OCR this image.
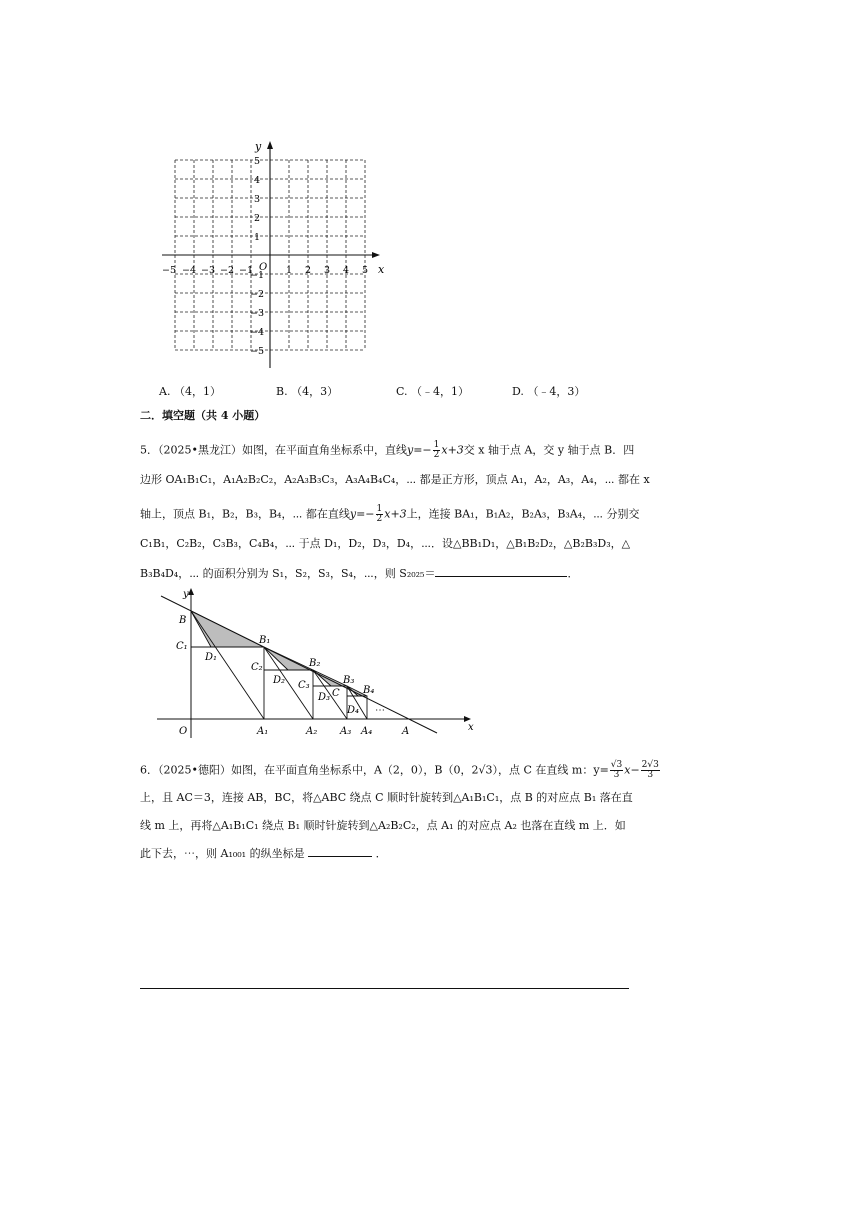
y
x
O
−5 −4 −3 −2 −1	1 2 3 4 5
5
4
3
2
1
−1
−2
−3
−4
−5
A. （4，1）	B. （4，3）	C. （﹣4，1）	D. （﹣4，3）
二．填空题（共 4 小题）
5．（2025•黑龙江）如图，在平面直角坐标系中，直线$y=- \frac{1}{2} x+3$交 x 轴于点 A，交 y 轴于点 B．四
边形 OA₁B₁C₁，A₁A₂B₂C₂，A₂A₃B₃C₃，A₃A₄B₄C₄，⋯ 都是正方形，顶点 A₁，A₂，A₃，A₄，⋯ 都在 x
轴上，顶点 B₁，B₂，B₃，B₄，⋯ 都在直线$y=- \frac{1}{2} x+3$上，连接 BA₁，B₁A₂，B₂A₃，B₃A₄，⋯ 分别交
C₁B₁，C₂B₂，C₃B₃，C₄B₄，⋯ 于点 D₁，D₂，D₃，D₄，⋯．设△BB₁D₁，△B₁B₂D₂，△B₂B₃D₃，△
B₃B₄D₄，⋯ 的面积分别为 S₁，S₂，S₃，S₄，⋯，则 S₂₀₂₅＝	．
y
x
O
B
C₁
D₁
B₁
C₂
D₂
B₂
C₃
D₃
B₃
C
D₄
B₄
A₁	A₂ A₃ A₄	A
⋯
6．（2025•德阳）如图，在平面直角坐标系中，A（2，0），B（0，2√3），点 C 在直线 m：$y= \frac{√3}{3} x- \frac{2√3}{3}$
上，且 AC＝3，连接 AB，BC，将△ABC 绕点 C 顺时针旋转到△A₁B₁C₁，点 B 的对应点 B₁ 落在直
线 m 上，再将△A₁B₁C₁ 绕点 B₁ 顺时针旋转到△A₂B₂C₂，点 A₁ 的对应点 A₂ 也落在直线 m 上．如
此下去，⋯，则 A₁₀₀₁ 的纵坐标是	．
